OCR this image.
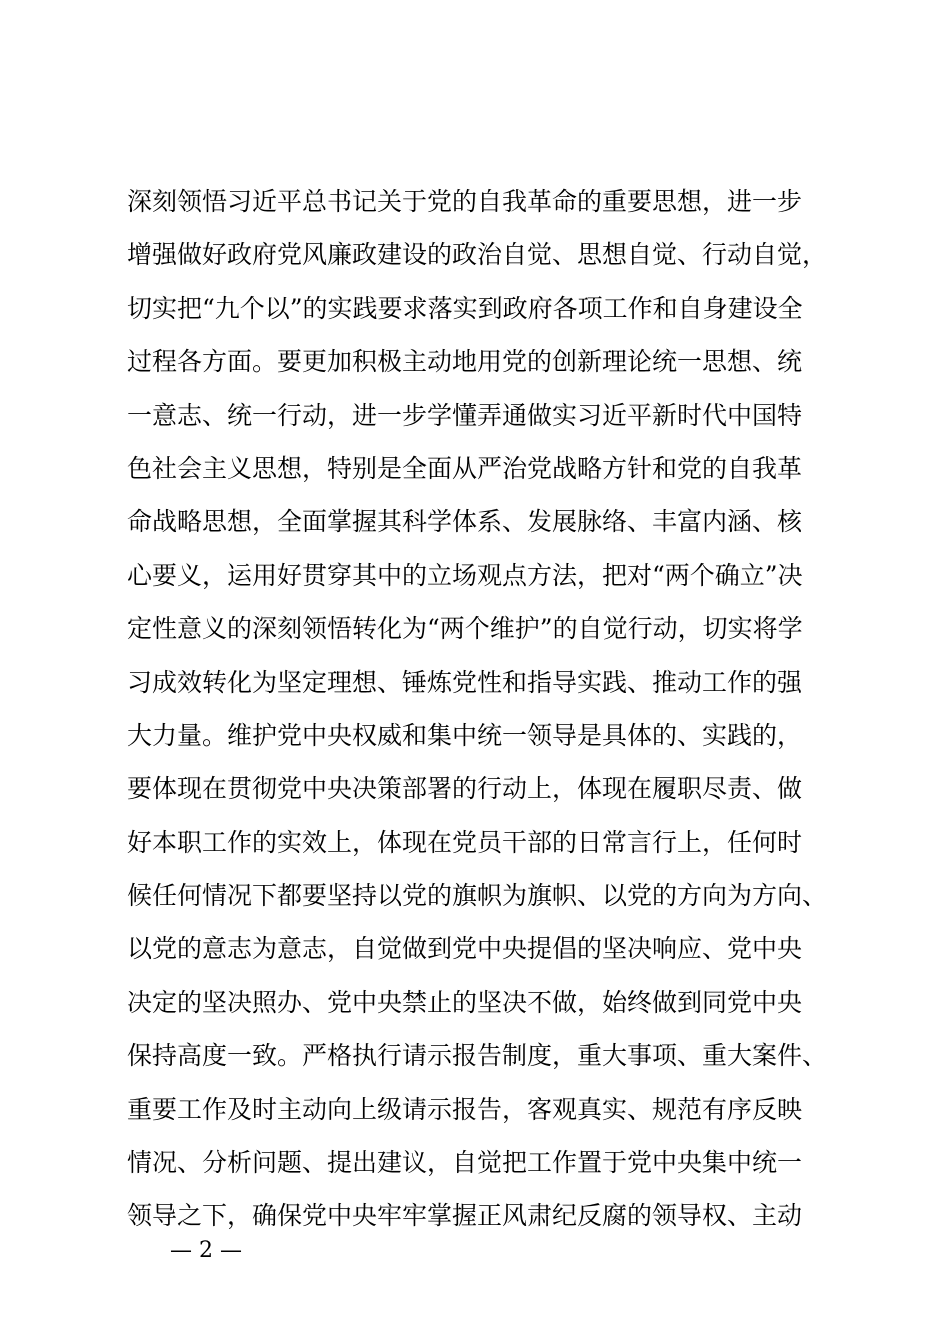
深刻领悟习近平总书记关于党的自我革命的重要思想，进一步
增强做好政府党风廉政建设的政治自觉、思想自觉、行动自觉，
切实把“九个以”的实践要求落实到政府各项工作和自身建设全
过程各方面。要更加积极主动地用党的创新理论统一思想、统
一意志、统一行动，进一步学懂弄通做实习近平新时代中国特
色社会主义思想，特别是全面从严治党战略方针和党的自我革
命战略思想，全面掌握其科学体系、发展脉络、丰富内涵、核
心要义，运用好贯穿其中的立场观点方法，把对“两个确立”决
定性意义的深刻领悟转化为“两个维护”的自觉行动，切实将学
习成效转化为坚定理想、锤炼党性和指导实践、推动工作的强
大力量。维护党中央权威和集中统一领导是具体的、实践的，
要体现在贯彻党中央决策部署的行动上，体现在履职尽责、做
好本职工作的实效上，体现在党员干部的日常言行上，任何时
候任何情况下都要坚持以党的旗帜为旗帜、以党的方向为方向、
以党的意志为意志，自觉做到党中央提倡的坚决响应、党中央
决定的坚决照办、党中央禁止的坚决不做，始终做到同党中央
保持高度一致。严格执行请示报告制度，重大事项、重大案件、
重要工作及时主动向上级请示报告，客观真实、规范有序反映
情况、分析问题、提出建议，自觉把工作置于党中央集中统一
领导之下，确保党中央牢牢掌握正风肃纪反腐的领导权、主动
— 2 —
